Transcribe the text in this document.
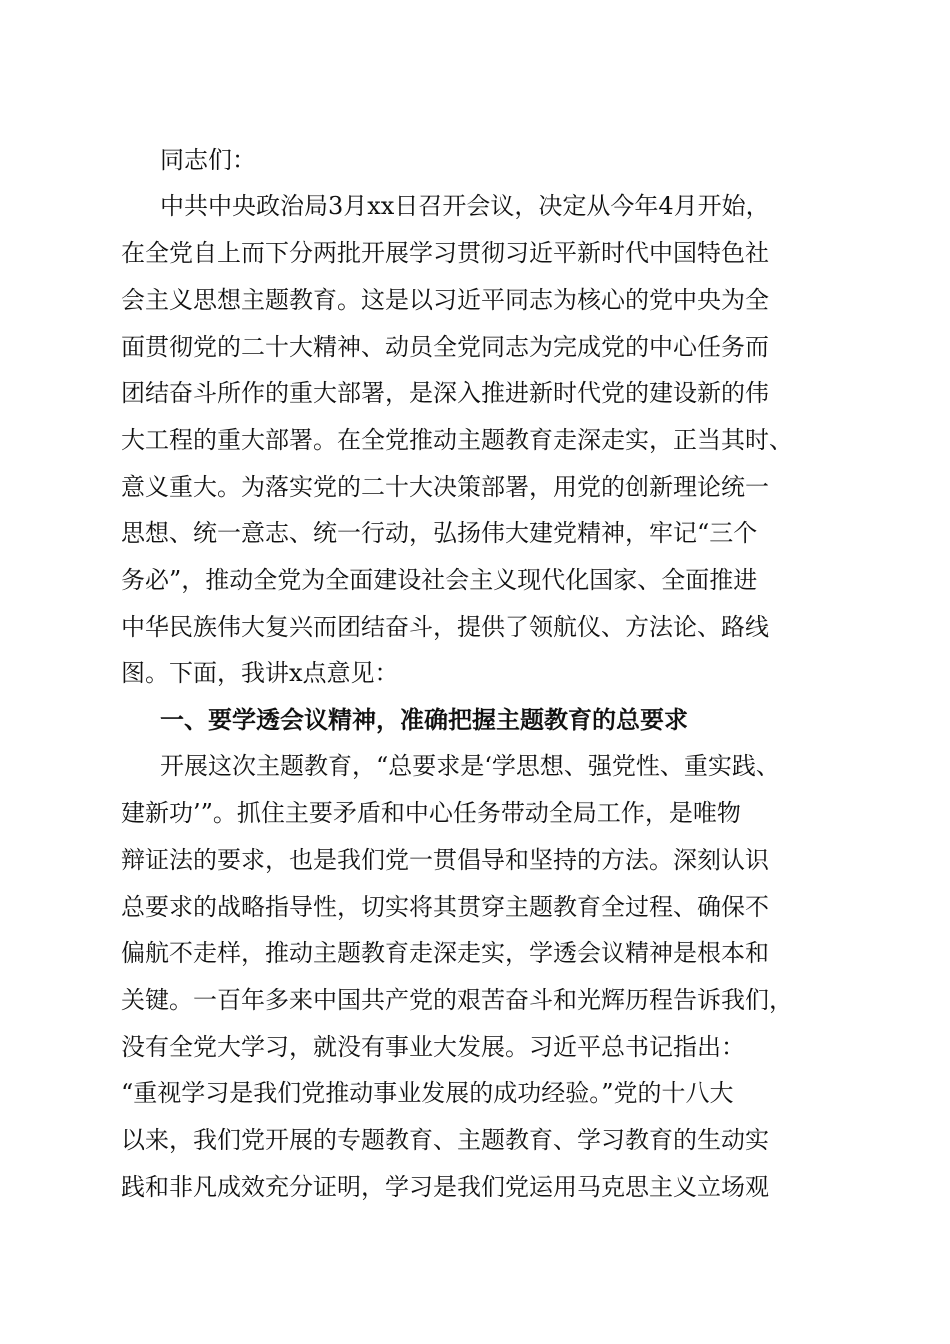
同志们：

中共中央政治局3月xx日召开会议，决定从今年4月开始，

在全党自上而下分两批开展学习贯彻习近平新时代中国特色社

会主义思想主题教育。这是以习近平同志为核心的党中央为全

面贯彻党的二十大精神、动员全党同志为完成党的中心任务而

团结奋斗所作的重大部署，是深入推进新时代党的建设新的伟

大工程的重大部署。在全党推动主题教育走深走实，正当其时、

意义重大。为落实党的二十大决策部署，用党的创新理论统一

思想、统一意志、统一行动，弘扬伟大建党精神，牢记“三个

务必”，推动全党为全面建设社会主义现代化国家、全面推进

中华民族伟大复兴而团结奋斗，提供了领航仪、方法论、路线

图。下面，我讲x点意见：

一、要学透会议精神，准确把握主题教育的总要求

开展这次主题教育，“总要求是‘学思想、强党性、重实践、

建新功’”。抓住主要矛盾和中心任务带动全局工作，是唯物

辩证法的要求，也是我们党一贯倡导和坚持的方法。深刻认识

总要求的战略指导性，切实将其贯穿主题教育全过程、确保不

偏航不走样，推动主题教育走深走实，学透会议精神是根本和

关键。一百年多来中国共产党的艰苦奋斗和光辉历程告诉我们，

没有全党大学习，就没有事业大发展。习近平总书记指出：

“重视学习是我们党推动事业发展的成功经验。”党的十八大

以来，我们党开展的专题教育、主题教育、学习教育的生动实

践和非凡成效充分证明，学习是我们党运用马克思主义立场观
